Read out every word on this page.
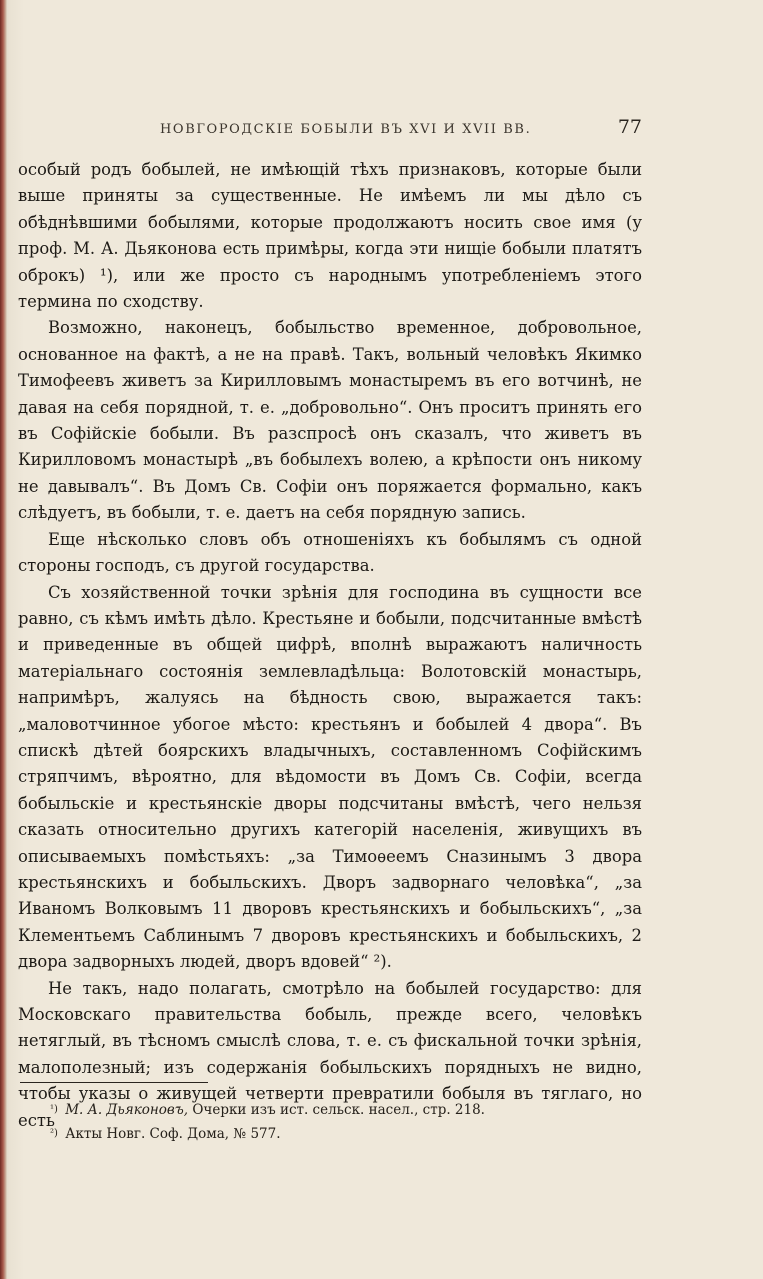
НОВГОРОДСКІЕ БОБЫЛИ ВЪ XVI И XVII ВВ.	77

особый родъ бобылей, не имѣющій тѣхъ признаковъ, которые были выше приняты за существенные. Не имѣемъ ли мы дѣло съ обѣднѣвшими бобылями, которые продолжаютъ носить свое имя (у проф. М. А. Дьяконова есть примѣры, когда эти нищіе бобыли платятъ оброкъ) ¹), или же просто съ народнымъ употребленіемъ этого термина по сходству.

Возможно, наконецъ, бобыльство временное, добровольное, основанное на фактѣ, а не на правѣ. Такъ, вольный человѣкъ Якимко Тимофеевъ живетъ за Кирилловымъ монастыремъ въ его вотчинѣ, не давая на себя порядной, т. е. „добровольно“. Онъ проситъ принять его въ Софійскіе бобыли. Въ разспросѣ онъ сказалъ, что живетъ въ Кирилловомъ монастырѣ „въ бобылехъ волею, а крѣпости онъ никому не давывалъ“. Въ Домъ Св. Софіи онъ поряжается формально, какъ слѣдуетъ, въ бобыли, т. е. даетъ на себя порядную запись.

Еще нѣсколько словъ объ отношеніяхъ къ бобылямъ съ одной стороны господъ, съ другой государства.

Съ хозяйственной точки зрѣнія для господина въ сущности все равно, съ кѣмъ имѣть дѣло. Крестьяне и бобыли, подсчитанные вмѣстѣ и приведенные въ общей цифрѣ, вполнѣ выражаютъ наличность матеріальнаго состоянія землевладѣльца: Волотовскій монастырь, напримѣръ, жалуясь на бѣдность свою, выражается такъ: „маловотчинное убогое мѣсто: крестьянъ и бобылей 4 двора“. Въ спискѣ дѣтей боярскихъ владычныхъ, составленномъ Софійскимъ стряпчимъ, вѣроятно, для вѣдомости въ Домъ Св. Софіи, всегда бобыльскіе и крестьянскіе дворы подсчитаны вмѣстѣ, чего нельзя сказать относительно другихъ категорій населенія, живущихъ въ описываемыхъ помѣстьяхъ: „за Тимоѳеемъ Сназинымъ 3 двора крестьянскихъ и бобыльскихъ. Дворъ задворнаго человѣка“, „за Иваномъ Волковымъ 11 дворовъ крестьянскихъ и бобыльскихъ“, „за Клементьемъ Саблинымъ 7 дворовъ крестьянскихъ и бобыльскихъ, 2 двора задворныхъ людей, дворъ вдовей“ ²).

Не такъ, надо полагать, смотрѣло на бобылей государство: для Московскаго правительства бобыль, прежде всего, человѣкъ нетяглый, въ тѣсномъ смыслѣ слова, т. е. съ фискальной точки зрѣнія, малополезный; изъ содержанія бобыльскихъ порядныхъ не видно, чтобы указы о живущей четверти превратили бобыля въ тяглаго, но есть

$^{^1)}$ М. А. Дьяконовъ, Очерки изъ ист. сельск. насел., стр. 218.

$^{^2)}$ Акты Новг. Соф. Дома, № 577.
